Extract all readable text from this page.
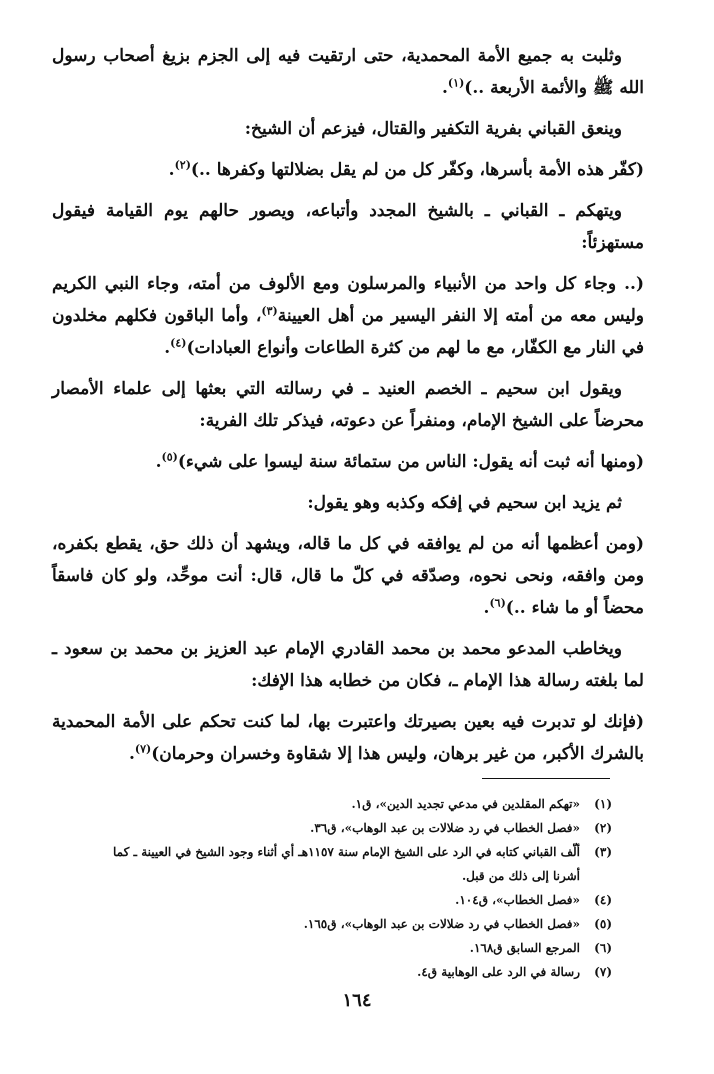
وثلبت به جميع الأمة المحمدية، حتى ارتقيت فيه إلى الجزم بزيغ أصحاب رسول الله ﷺ والأئمة الأربعة ..)$^{(١)}$.

وينعق القباني بفرية التكفير والقتال، فيزعم أن الشيخ:

(كفّر هذه الأمة بأسرها، وكفّر كل من لم يقل بضلالتها وكفرها ..)$^{(٢)}$.

ويتهكم ـ القباني ـ بالشيخ المجدد وأتباعه، ويصور حالهم يوم القيامة فيقول مستهزئاً:

(.. وجاء كل واحد من الأنبياء والمرسلون ومع الألوف من أمته، وجاء النبي الكريم وليس معه من أمته إلا النفر اليسير من أهل العيينة$^{(٣)}$، وأما الباقون فكلهم مخلدون في النار مع الكفّار، مع ما لهم من كثرة الطاعات وأنواع العبادات)$^{(٤)}$.

ويقول ابن سحيم ـ الخصم العنيد ـ في رسالته التي بعثها إلى علماء الأمصار محرضاً على الشيخ الإمام، ومنفراً عن دعوته، فيذكر تلك الفرية:

(ومنها أنه ثبت أنه يقول: الناس من ستمائة سنة ليسوا على شيء)$^{(٥)}$.

ثم يزيد ابن سحيم في إفكه وكذبه وهو يقول:

(ومن أعظمها أنه من لم يوافقه في كل ما قاله، ويشهد أن ذلك حق، يقطع بكفره، ومن وافقه، ونحى نحوه، وصدّقه في كلّ ما قال، قال: أنت موحِّد، ولو كان فاسقاً محضاً أو ما شاء ..)$^{(٦)}$.

ويخاطب المدعو محمد بن محمد القادري الإمام عبد العزيز بن محمد بن سعود ـ لما بلغته رسالة هذا الإمام ـ، فكان من خطابه هذا الإفك:

(فإنك لو تدبرت فيه بعين بصيرتك واعتبرت بها، لما كنت تحكم على الأمة المحمدية بالشرك الأكبر، من غير برهان، وليس هذا إلا شقاوة وخسران وحرمان)$^{(٧)}$.

(١)
«تهكم المقلدين في مدعي تجديد الدين»، ق١.
(٢)
«فصل الخطاب في رد ضلالات بن عبد الوهاب»، ق٣٦.
(٣)
ألّف القباني كتابه في الرد على الشيخ الإمام سنة ١١٥٧هـ أي أثناء وجود الشيخ في العيينة ـ كما أشرنا إلى ذلك من قبل.
(٤)
«فصل الخطاب»، ق١٠٤.
(٥)
«فصل الخطاب في رد ضلالات بن عبد الوهاب»، ق١٦٥.
(٦)
المرجع السابق ق١٦٨.
(٧)
رسالة في الرد على الوهابية ق٤.
١٦٤
